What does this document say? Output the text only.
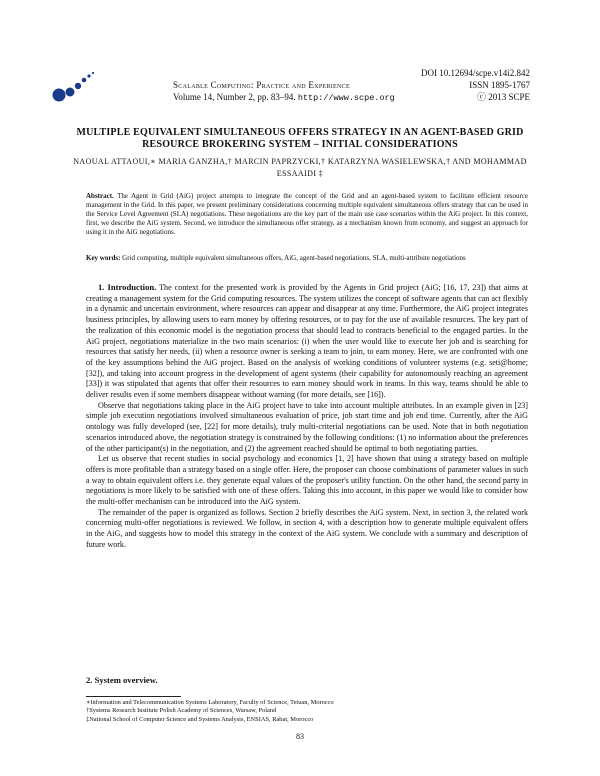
DOI 10.12694/scpe.v14i2.842
Scalable Computing: Practice and Experience	ISSN 1895-1767
Volume 14, Number 2, pp. 83–94. http://www.scpe.org	ⓒ 2013 SCPE
MULTIPLE EQUIVALENT SIMULTANEOUS OFFERS STRATEGY IN AN AGENT-BASED GRID RESOURCE BROKERING SYSTEM – INITIAL CONSIDERATIONS
NAOUAL ATTAOUI,∗ MARIA GANZHA,† MARCIN PAPRZYCKI,† KATARZYNA WASIELEWSKA,† AND MOHAMMAD
ESSAAIDI ‡
Abstract. The Agent in Grid (AiG) project attempts to integrate the concept of the Grid and an agent-based system to facilitate efficient resource management in the Grid. In this paper, we present preliminary considerations concerning multiple equivalent simultaneous offers strategy that can be used in the Service Level Agreement (SLA) negotiations. These negotiations are the key part of the main use case scenarios within the AiG project. In this context, first, we describe the AiG system. Second, we introduce the simultaneous offer strategy, as a mechanism known from economy, and suggest an approach for using it in the AiG negotiations.
Key words: Grid computing, multiple equivalent simultaneous offers, AiG, agent-based negotiations, SLA, multi-attribute negotiations

1. Introduction. The context for the presented work is provided by the Agents in Grid project (AiG; [16, 17, 23]) that aims at creating a management system for the Grid computing resources. The system utilizes the concept of software agents that can act flexibly in a dynamic and uncertain environment, where resources can appear and disappear at any time. Furthermore, the AiG project integrates business principles, by allowing users to earn money by offering resources, or to pay for the use of available resources. The key part of the realization of this economic model is the negotiation process that should lead to contracts beneficial to the engaged parties. In the AiG project, negotiations materialize in the two main scenarios: (i) when the user would like to execute her job and is searching for resources that satisfy her needs, (ii) when a resource owner is seeking a team to join, to earn money. Here, we are confronted with one of the key assumptions behind the AiG project. Based on the analysis of working conditions of volunteer systems (e.g. seti@home; [32]), and taking into account progress in the development of agent systems (their capability for autonomously reaching an agreement [33]) it was stipulated that agents that offer their resources to earn money should work in teams. In this way, teams should be able to deliver results even if some members disappear without warning (for more details, see [16]).

Observe that negotiations taking place in the AiG project have to take into account multiple attributes. In an example given in [23] simple job execution negotiations involved simultaneous evaluation of price, job start time and job end time. Currently, after the AiG ontology was fully developed (see, [22] for more details), truly multi-criterial negotiations can be used. Note that in both negotiation scenarios introduced above, the negotiation strategy is constrained by the following conditions: (1) no information about the preferences of the other participant(s) in the negotiation, and (2) the agreement reached should be optimal to both negotiating parties.

Let us observe that recent studies in social psychology and economics [1, 2] have shown that using a strategy based on multiple offers is more profitable than a strategy based on a single offer. Here, the proposer can choose combinations of parameter values in such a way to obtain equivalent offers i.e. they generate equal values of the proposer's utility function. On the other hand, the second party in negotiations is more likely to be satisfied with one of these offers. Taking this into account, in this paper we would like to consider how the multi-offer mechanism can be introduced into the AiG system.

The remainder of the paper is organized as follows. Section 2 briefly describes the AiG system. Next, in section 3, the related work concerning multi-offer negotiations is reviewed. We follow, in section 4, with a description how to generate multiple equivalent offers in the AiG, and suggests how to model this strategy in the context of the AiG system. We conclude with a summary and description of future work.

2. System overview.
∗Information and Telecommunication Systems Laboratory, Faculty of Science, Tetuan, Morocco
†Systems Research Institute Polish Academy of Sciences, Warsaw, Poland
‡National School of Computer Science and Systems Analysis, ENSIAS, Rabat, Morocco
83
